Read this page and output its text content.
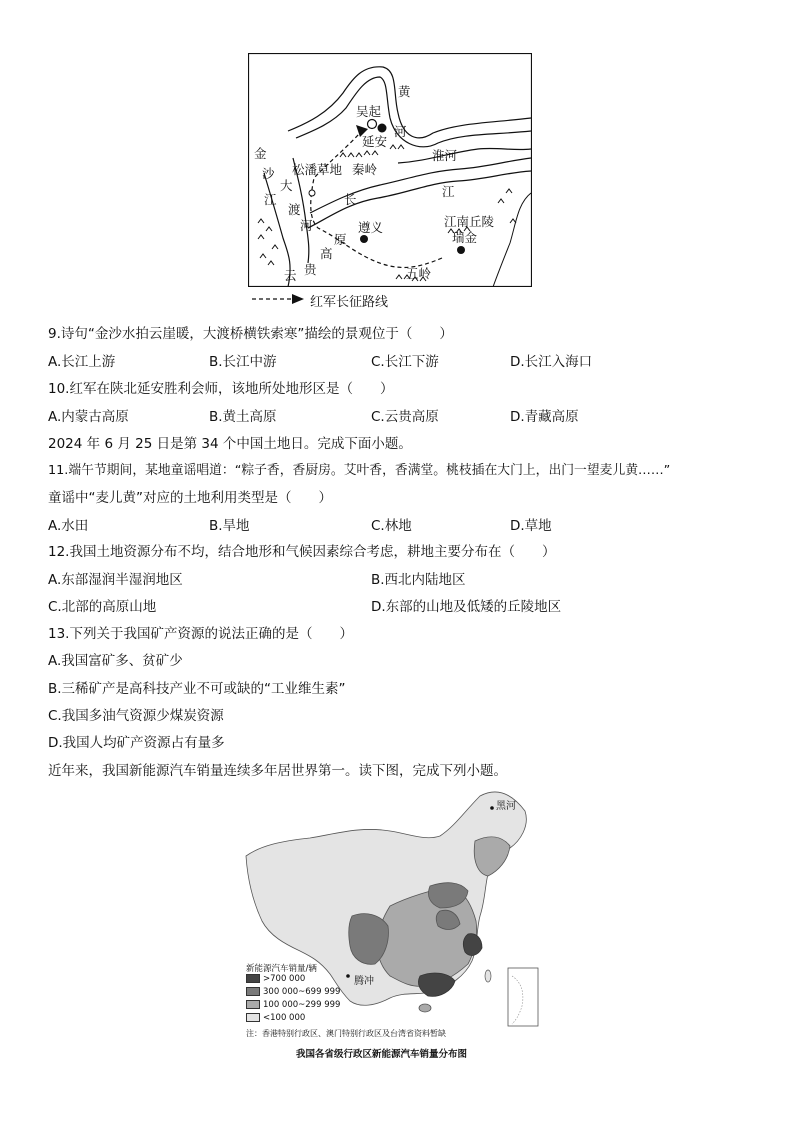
黄
河
吴起
延安
淮河
金
沙
江
大
渡
河
松潘草地 秦岭
长
江
江南丘陵
瑞金
遵义
原
高
贵
云	五岭
红军长征路线
9.诗句“金沙水拍云崖暖，大渡桥横铁索寒”描绘的景观位于（　　）
A.长江上游	B.长江中游	C.长江下游	D.长江入海口
10.红军在陕北延安胜利会师，该地所处地形区是（　　）
A.内蒙古高原	B.黄土高原	C.云贵高原	D.青藏高原
2024 年 6 月 25 日是第 34 个中国土地日。完成下面小题。
11.端午节期间，某地童谣唱道：“粽子香，香厨房。艾叶香，香满堂。桃枝插在大门上，出门一望麦儿黄……”
童谣中“麦儿黄”对应的土地利用类型是（　　）
A.水田	B.旱地	C.林地	D.草地
12.我国土地资源分布不均，结合地形和气候因素综合考虑，耕地主要分布在（　　）
A.东部湿润半湿润地区	B.西北内陆地区
C.北部的高原山地	D.东部的山地及低矮的丘陵地区
13.下列关于我国矿产资源的说法正确的是（　　）
A.我国富矿多、贫矿少
B.三稀矿产是高科技产业不可或缺的“工业维生素”
C.我国多油气资源少煤炭资源
D.我国人均矿产资源占有量多
近年来，我国新能源汽车销量连续多年居世界第一。读下图，完成下列小题。
黑河
腾冲
新能源汽车销量/辆
>700 000
300 000~699 999
100 000~299 999
<100 000
注：香港特别行政区、澳门特别行政区及台湾省资料暂缺
我国各省级行政区新能源汽车销量分布图
